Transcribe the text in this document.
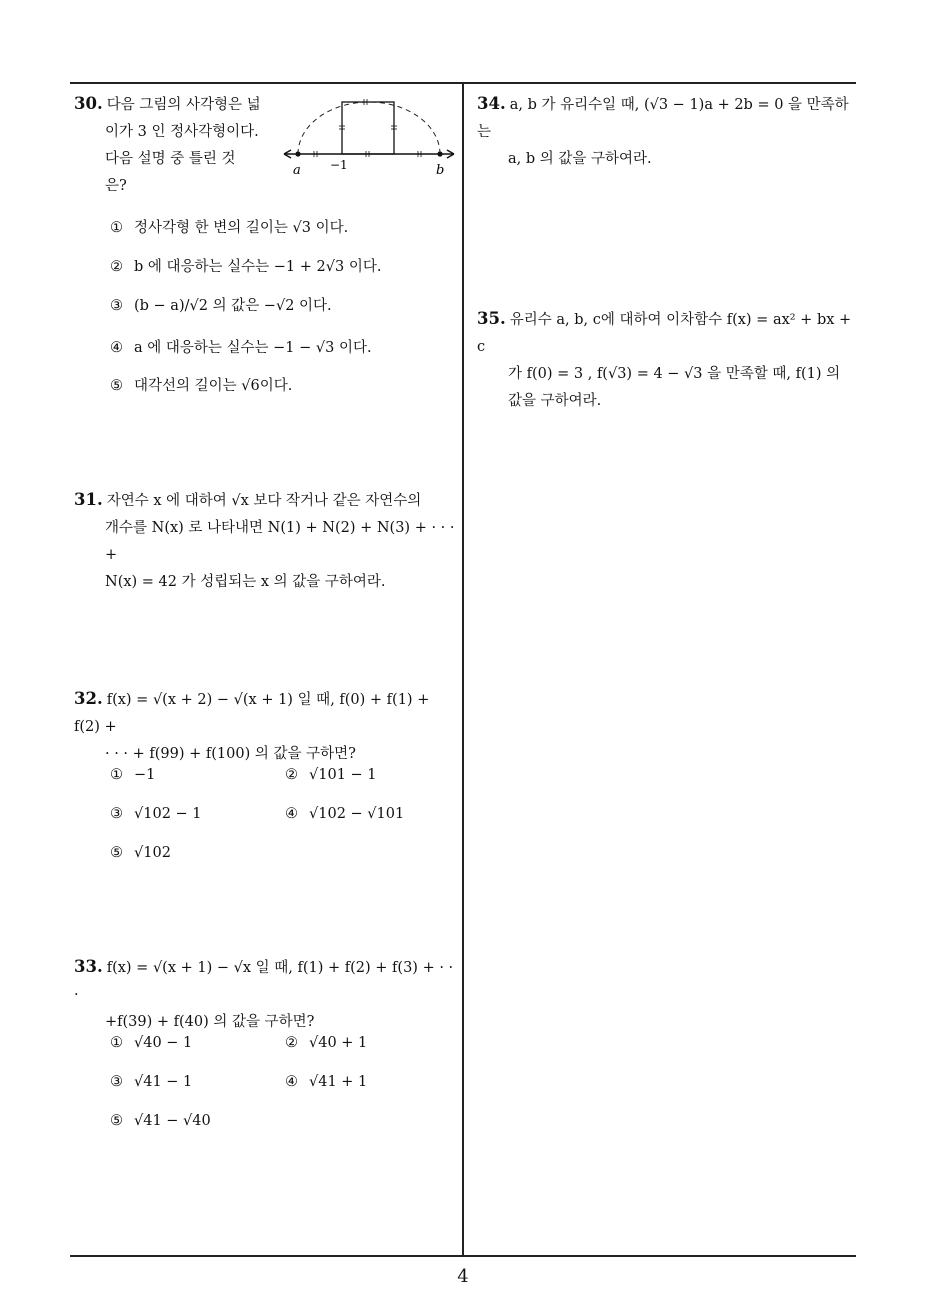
30. 다음 그림의 사각형은 넓
이가 3 인 정사각형이다.
다음 설명 중 틀린 것
은?
a −1	b
① 정사각형 한 변의 길이는 √3 이다.
② b 에 대응하는 실수는 −1 + 2√3 이다.
③ (b − a)/√2 의 값은 −√2 이다.
④ a 에 대응하는 실수는 −1 − √3 이다.
⑤ 대각선의 길이는 √6이다.
31. 자연수 x 에 대하여 √x 보다 작거나 같은 자연수의
개수를 N(x) 로 나타내면 N(1) + N(2) + N(3) + · · · +
N(x) = 42 가 성립되는 x 의 값을 구하여라.
32. f(x) = √(x + 2) − √(x + 1) 일 때, f(0) + f(1) + f(2) +
· · · + f(99) + f(100) 의 값을 구하면?
① −1	② √101 − 1
③ √102 − 1	④ √102 − √101
⑤ √102
33. f(x) = √(x + 1) − √x 일 때, f(1) + f(2) + f(3) + · · ·
+f(39) + f(40) 의 값을 구하면?
① √40 − 1	② √40 + 1
③ √41 − 1	④ √41 + 1
⑤ √41 − √40
34. a, b 가 유리수일 때, (√3 − 1)a + 2b = 0 을 만족하는
a, b 의 값을 구하여라.
35. 유리수 a, b, c에 대하여 이차함수 f(x) = ax² + bx + c
가 f(0) = 3 , f(√3) = 4 − √3 을 만족할 때, f(1) 의
값을 구하여라.
4
